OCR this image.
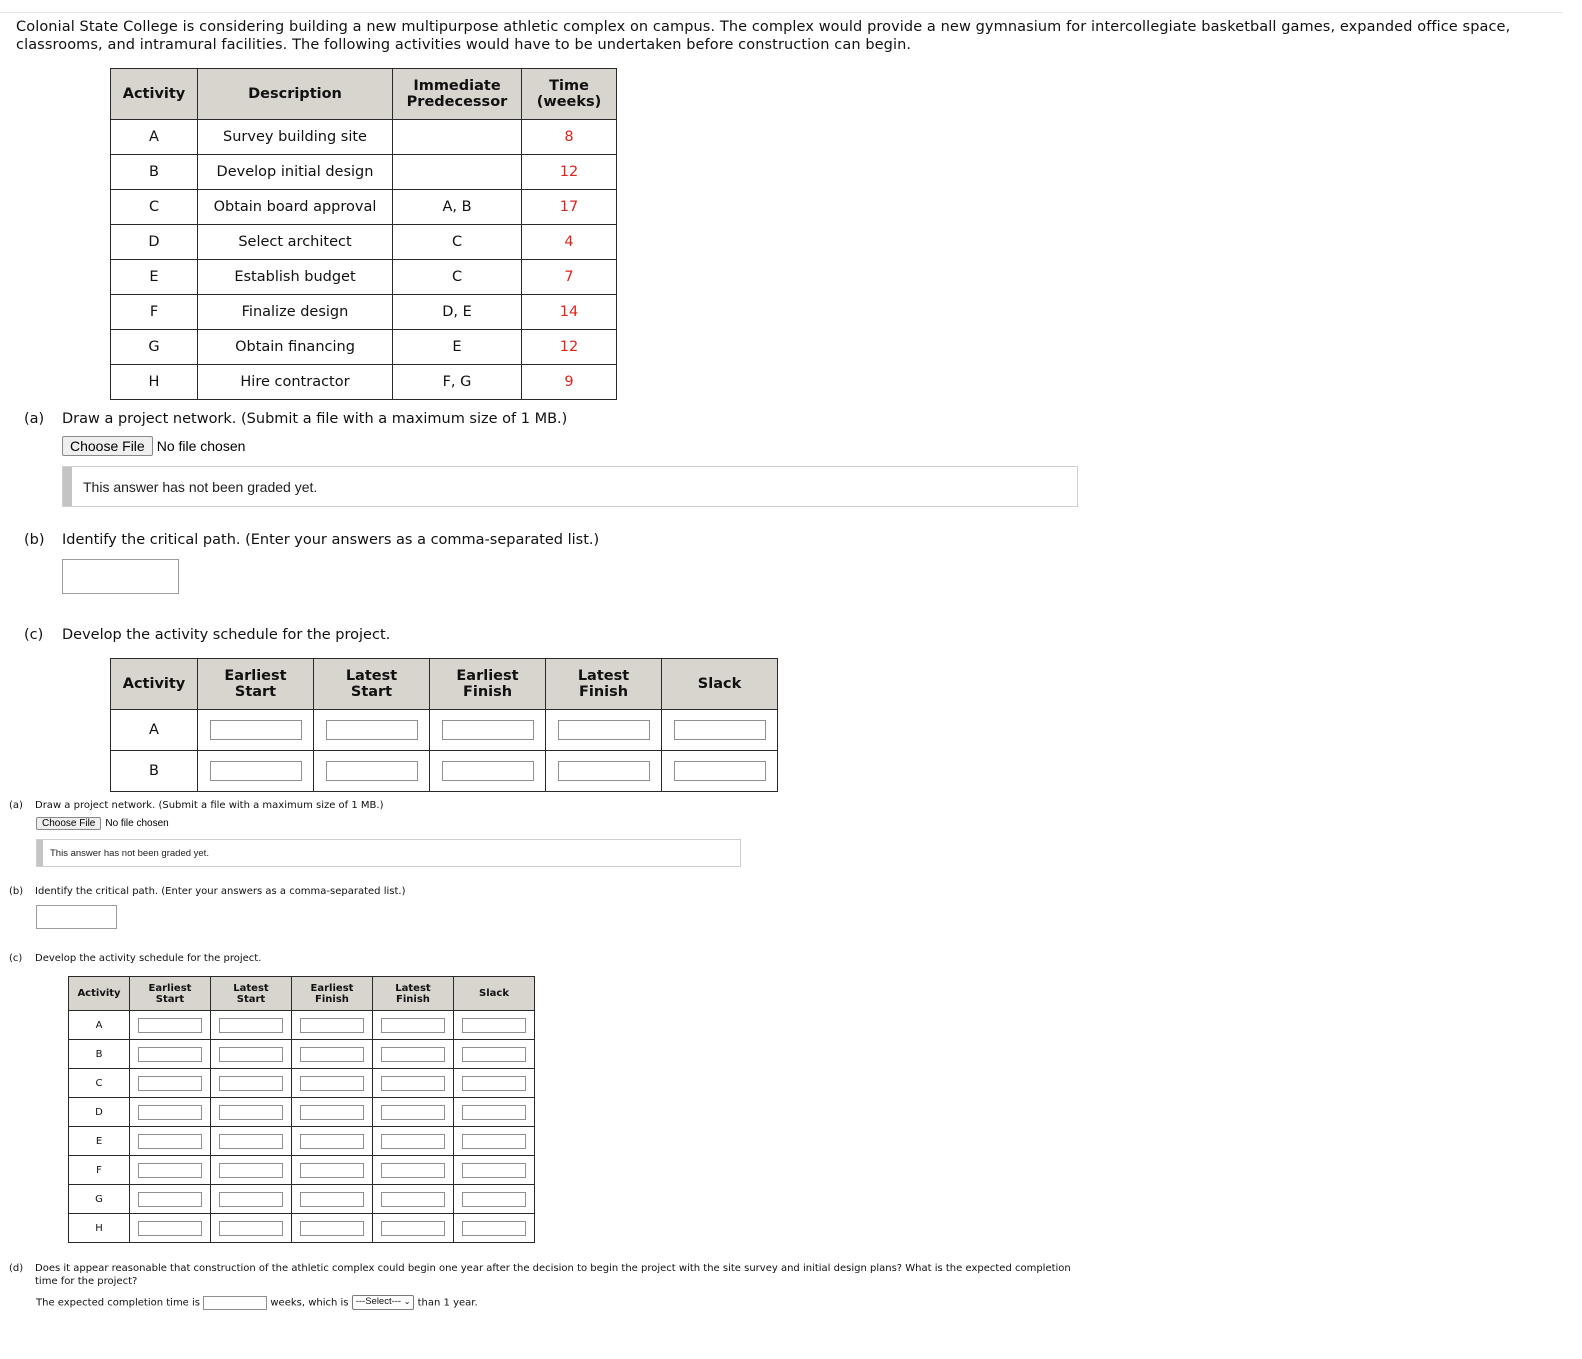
Colonial State College is considering building a new multipurpose athletic complex on campus. The complex would provide a new gymnasium for intercollegiate basketball games, expanded office space, classrooms, and intramural facilities. The following activities would have to be undertaken before construction can begin.
Activity	Description	Immediate Predecessor	Time (weeks)
A	Survey building site		8
B	Develop initial design		12
C	Obtain board approval	A, B	17
D	Select architect	C	4
E	Establish budget	C	7
F	Finalize design	D, E	14
G	Obtain financing	E	12
H	Hire contractor	F, G	9
(a) Draw a project network. (Submit a file with a maximum size of 1 MB.)
Choose File No file chosen
This answer has not been graded yet.
(b) Identify the critical path. (Enter your answers as a comma-separated list.)
(c) Develop the activity schedule for the project.
Activity	Earliest Start	Latest Start	Earliest Finish	Latest Finish	Slack
A	

B	

(a) Draw a project network. (Submit a file with a maximum size of 1 MB.)
Choose File No file chosen
This answer has not been graded yet.
(b) Identify the critical path. (Enter your answers as a comma-separated list.)
(c) Develop the activity schedule for the project.
Activity	Earliest Start	Latest Start	Earliest Finish	Latest Finish	Slack
A	

B	

C	

D	

E	

F	

G	

H	

(d)	Does it appear reasonable that construction of the athletic complex could begin one year after the decision to begin the project with the site survey and initial design plans? What is the expected completion time for the project?
The expected completion time is	weeks, which is ---Select--- ⌄ than 1 year.
